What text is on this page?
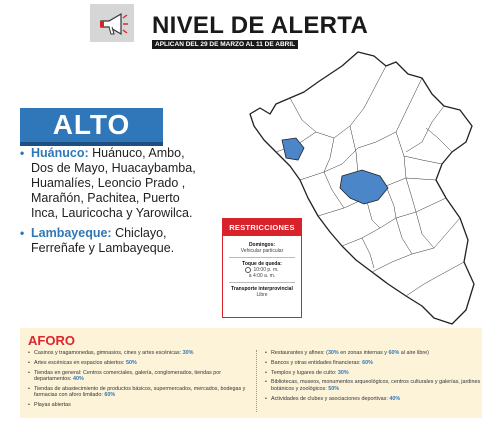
NIVEL DE ALERTA
APLICAN DEL 29 DE MARZO AL 11 DE ABRIL
ALTO
• Huánuco: Huánuco, Ambo, Dos de Mayo, Huacaybamba, Huamalíes, Leoncio Prado , Marañón, Pachitea, Puerto Inca, Lauricocha y Yarowilca.
• Lambayeque: Chiclayo, Ferreñafe y Lambayeque.
RESTRICCIONES
Domingos:
Vehicular particular
Toque de queda:
10:00 p. m.
a 4:00 a. m.
Transporte interprovincial
Libre
AFORO
• Casinos y tragamonedas, gimnasios, cines y artes escénicas: 30%
• Artes escénicas en espacios abiertos: 50%
• Tiendas en general: Centros comerciales, galería, conglomerados, tiendas por departamentos: 40%
• Tiendas de abastecimiento de productos básicos, supermercados, mercados, bodegas y farmacias con aforo limitado: 60%
• Playas abiertas
• Restaurantes y afines: (30% en zonas internas y 60% al aire libre)
• Bancos y otras entidades financieras: 60%
• Templos y lugares de culto: 30%
• Bibliotecas, museos, monumentos arqueológicos, centros culturales y galerías, jardines botánicos y zoológicos: 50%
• Actividades de clubes y asociaciones deportivas: 40%
